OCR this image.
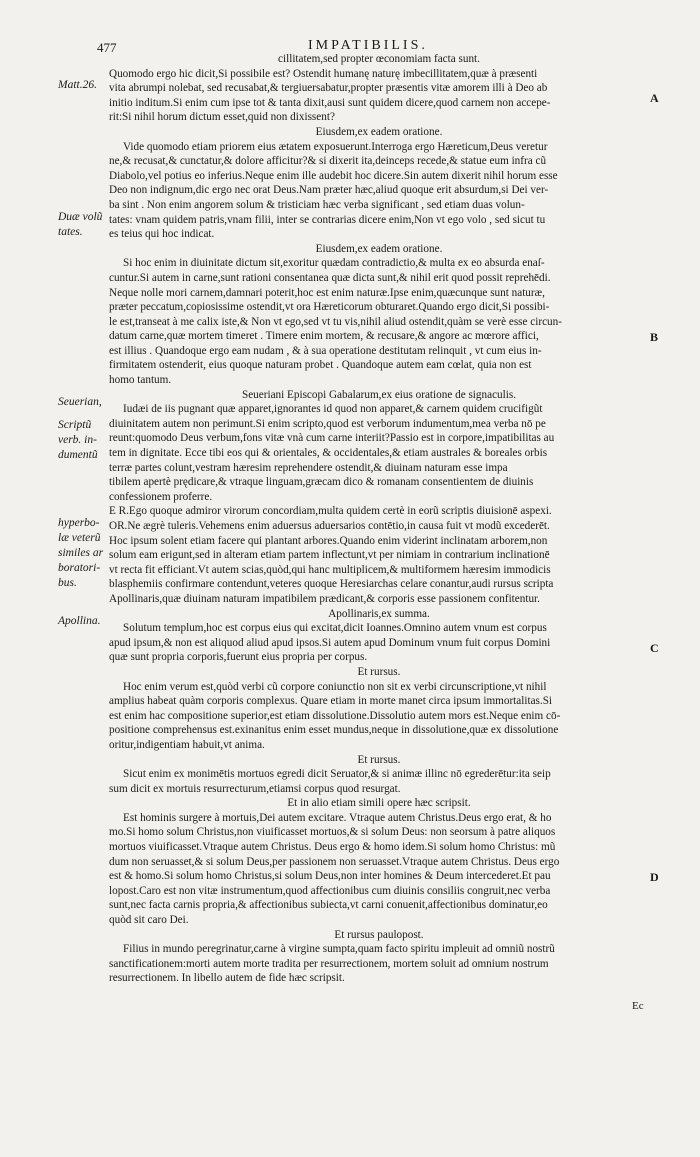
477	IMPATIBILIS.
Matt.26.
Duæ volũ
tates.
Seuerian,
Scriptũ
verb. in-
dumentũ
hyperbo-
læ veterũ
similes ar
boratori-
bus.
Apollina.
A
B
C
D
cillitatem,sed propter œconomiam facta sunt.
Quomodo ergo hic dicit,Si possibile est? Ostendit humanę naturę imbecillitatem,quæ à præsenti
vita abrumpi nolebat, sed recusabat,& tergiuersabatur,propter præsentis vitæ amorem illi à Deo ab
initio inditum.Si enim cum ipse tot & tanta dixit,ausi sunt quidem dicere,quod carnem non accepe-
rit:Si nihil horum dictum esset,quid non dixissent?
Eiusdem,ex eadem oratione.
Vide quomodo etiam priorem eius ætatem exposuerunt.Interroga ergo Hæreticum,Deus veretur
ne,& recusat,& cunctatur,& dolore afficitur?& si dixerit ita,deinceps recede,& statue eum infra cũ
Diabolo,vel potius eo inferius.Neque enim ille audebit hoc dicere.Sin autem dixerit nihil horum esse
Deo non indignum,dic ergo nec orat Deus.Nam præter hæc,aliud quoque erit absurdum,si Dei ver-
ba sint . Non enim angorem solum & tristiciam hæc verba significant , sed etiam duas volun-
tates: vnam quidem patris,vnam filii, inter se contrarias dicere enim,Non vt ego volo , sed sicut tu
es teius qui hoc indicat.
Eiusdem,ex eadem oratione.
Si hoc enim in diuinitate dictum sit,exoritur quædam contradictio,& multa ex eo absurda enaſ-
cuntur.Si autem in carne,sunt rationi consentanea quæ dicta sunt,& nihil erit quod possit reprehēdi.
Neque nolle mori carnem,damnari poterit,hoc est enim naturæ.Ipse enim,quæcunque sunt naturæ,
præter peccatum,copiosissime ostendit,vt ora Hæreticorum obturaret.Quando ergo dicit,Si possibi-
le est,transeat à me calix iste,& Non vt ego,sed vt tu vis,nihil aliud ostendit,quàm se verè esse circun-
datum carne,quæ mortem timeret . Timere enim mortem, & recusare,& angore ac mœrore affici,
est illius . Quandoque ergo eam nudam , & à sua operatione destitutam relinquit , vt cum eius in-
firmitatem ostenderit, eius quoque naturam probet . Quandoque autem eam cœlat, quia non est
homo tantum.
Seueriani Episcopi Gabalarum,ex eius oratione de signaculis.
Iudæi de iis pugnant quæ apparet,ignorantes id quod non apparet,& carnem quidem crucifigũt
diuinitatem autem non perimunt.Si enim scripto,quod est verborum indumentum,mea verba nō pe
reunt:quomodo Deus verbum,fons vitæ vnà cum carne interiit?Passio est in corpore,impatibilitas au
tem in dignitate. Ecce tibi eos qui & orientales, & occidentales,& etiam australes & boreales orbis
terræ partes colunt,vestram hæresim reprehendere ostendit,& diuinam naturam esse impa
tibilem apertè prędicare,& vtraque linguam,græcam dico & romanam consentientem de diuinis
confessionem proferre.
E R.Ego quoque admiror virorum concordiam,multa quidem certè in eorũ scriptis diuisionē aspexi.
OR.Ne ægrè tuleris.Vehemens enim aduersus aduersarios contētio,in causa fuit vt modũ excederēt.
Hoc ipsum solent etiam facere qui plantant arbores.Quando enim viderint inclinatam arborem,non
solum eam erigunt,sed in alteram etiam partem inflectunt,vt per nimiam in contrarium inclinationē
vt recta fit efficiant.Vt autem scias,quòd,qui hanc multiplicem,& multiformem hæresim immodicis
blasphemiis confirmare contendunt,veteres quoque Heresiarchas celare conantur,audi rursus scripta
Apollinaris,quæ diuinam naturam impatibilem prædicant,& corporis esse passionem confitentur.
Apollinaris,ex summa.
Solutum templum,hoc est corpus eius qui excitat,dicit Ioannes.Omnino autem vnum est corpus
apud ipsum,& non est aliquod aliud apud ipsos.Si autem apud Dominum vnum fuit corpus Domini
quæ sunt propria corporis,fuerunt eius propria per corpus.
Et rursus.
Hoc enim verum est,quòd verbi cũ corpore coniunctio non sit ex verbi circunscriptione,vt nihil
amplius habeat quàm corporis complexus. Quare etiam in morte manet circa ipsum immortalitas.Si
est enim hac compositione superior,est etiam dissolutione.Dissolutio autem mors est.Neque enim cō-
positione comprehensus est.exinanitus enim esset mundus,neque in dissolutione,quæ ex dissolutione
oritur,indigentiam habuit,vt anima.
Et rursus.
Sicut enim ex monimētis mortuos egredi dicit Seruator,& si animæ illinc nō egrederētur:ita seip
sum dicit ex mortuis resurrecturum,etiamsi corpus quod resurgat.
Et in alio etiam simili opere hæc scripsit.
Est hominis surgere à mortuis,Dei autem excitare. Vtraque autem Christus.Deus ergo erat, & ho
mo.Si homo solum Christus,non viuificasset mortuos,& si solum Deus: non seorsum à patre aliquos
mortuos viuificasset.Vtraque autem Christus. Deus ergo & homo idem.Si solum homo Christus: mũ
dum non seruasset,& si solum Deus,per passionem non seruasset.Vtraque autem Christus. Deus ergo
est & homo.Si solum homo Christus,si solum Deus,non inter homines & Deum intercederet.Et pau
lopost.Caro est non vitæ instrumentum,quod affectionibus cum diuinis consiliis congruit,nec verba
sunt,nec facta carnis propria,& affectionibus subiecta,vt carni conuenit,affectionibus dominatur,eo
quòd sit caro Dei.
Et rursus paulopost.
Filius in mundo peregrinatur,carne à virgine sumpta,quam facto spiritu impleuit ad omniũ nostrũ
sanctificationem:morti autem morte tradita per resurrectionem, mortem soluit ad omnium nostrum
resurrectionem. In libello autem de fide hæc scripsit.
Ec
